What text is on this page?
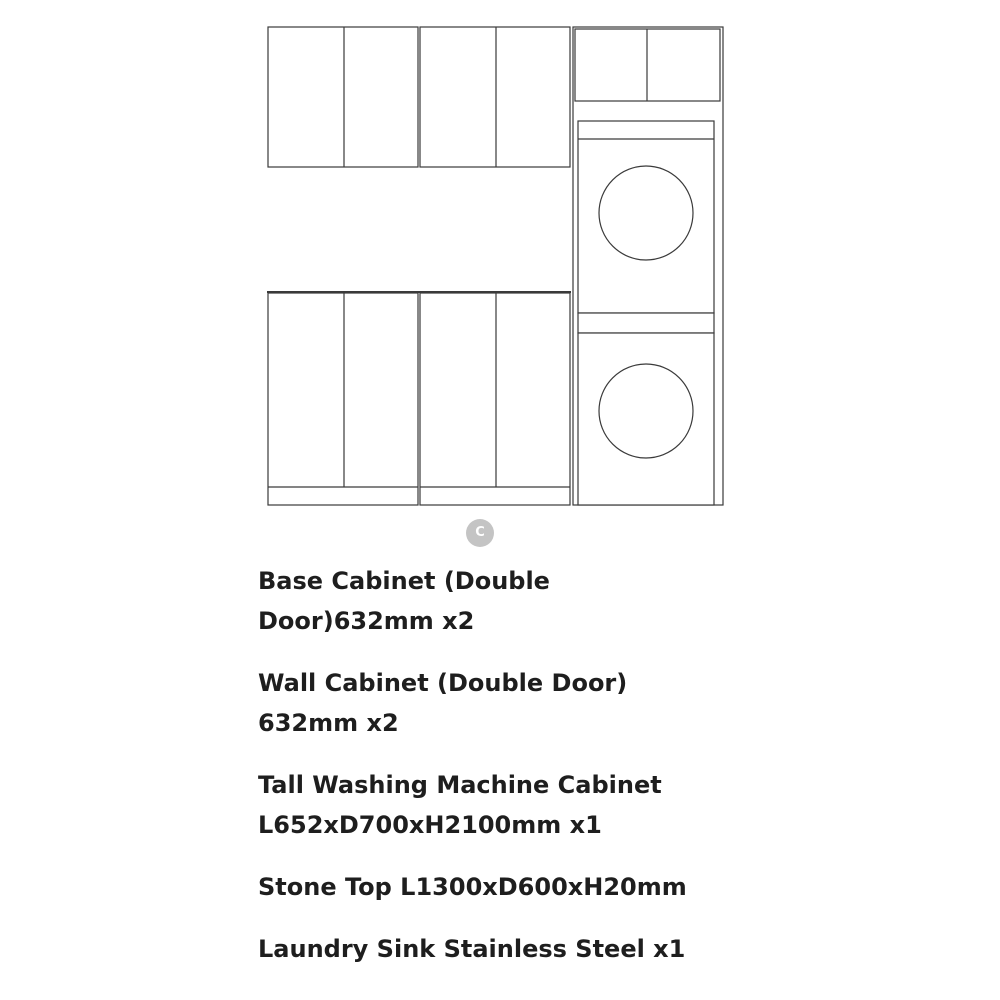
C

Base Cabinet (Double Door)632mm x2

Wall Cabinet (Double Door) 632mm x2

Tall Washing Machine Cabinet L652xD700xH2100mm x1

Stone Top L1300xD600xH20mm

Laundry Sink Stainless Steel x1
